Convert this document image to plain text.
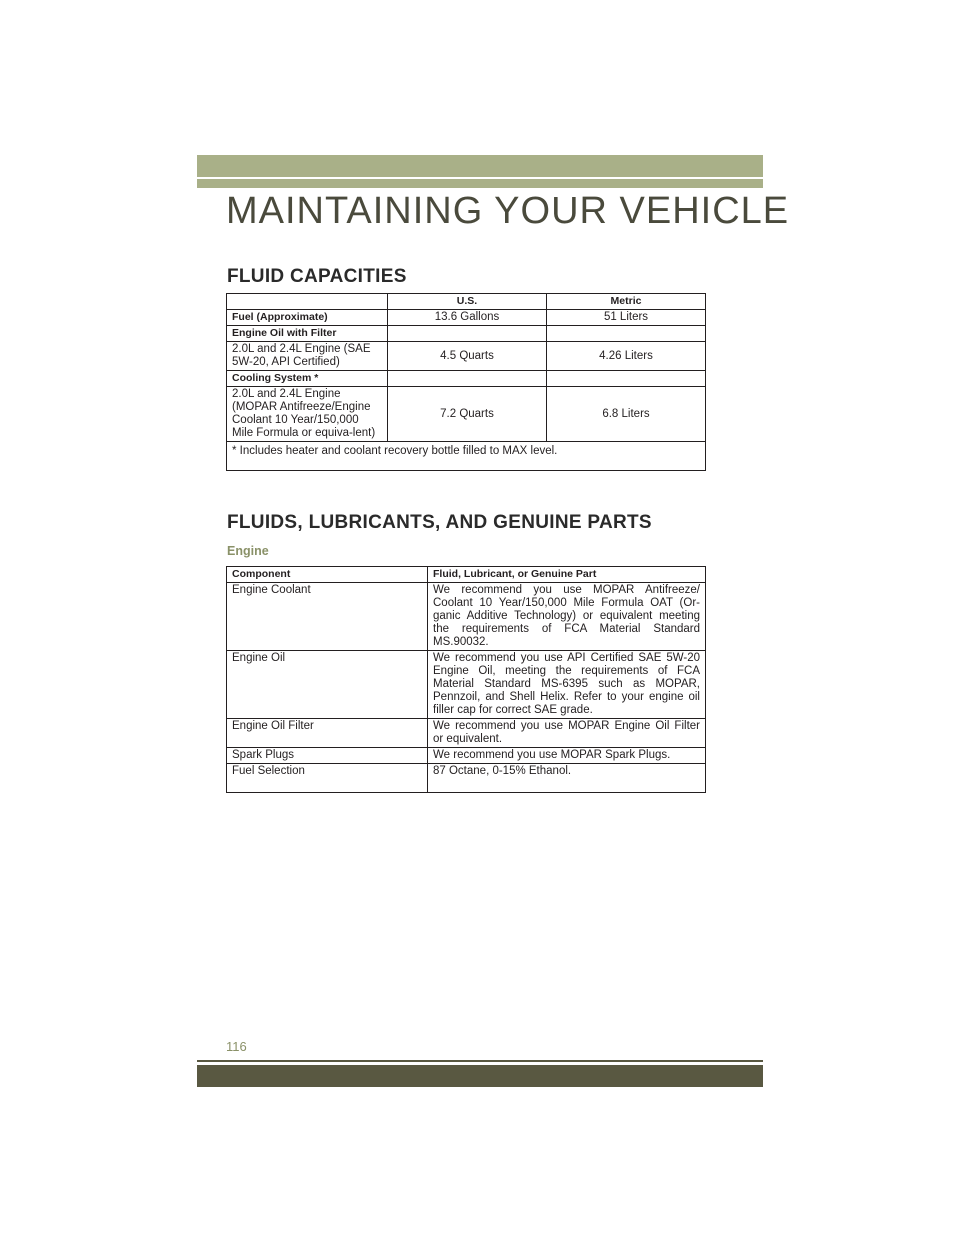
MAINTAINING YOUR VEHICLE
FLUID CAPACITIES
	U.S.	Metric
Fuel (Approximate)	13.6 Gallons	51 Liters
Engine Oil with Filter		
2.0L and 2.4L Engine (SAE 5W-20, API Certified)	4.5 Quarts	4.26 Liters
Cooling System *		
2.0L and 2.4L Engine (MOPAR Antifreeze/Engine Coolant 10 Year/150,000 Mile Formula or equiva-lent)	7.2 Quarts	6.8 Liters
* Includes heater and coolant recovery bottle filled to MAX level.		
FLUIDS, LUBRICANTS, AND GENUINE PARTS
Engine
Component	Fluid, Lubricant, or Genuine Part
Engine Coolant	We recommend you use MOPAR Antifreeze/ Coolant 10 Year/150,000 Mile Formula OAT (Or-ganic Additive Technology) or equivalent meeting the requirements of FCA Material Standard MS.90032.
Engine Oil	We recommend you use API Certified SAE 5W-20 Engine Oil, meeting the requirements of FCA Material Standard MS-6395 such as MOPAR, Pennzoil, and Shell Helix. Refer to your engine oil filler cap for correct SAE grade.
Engine Oil Filter	We recommend you use MOPAR Engine Oil Filter or equivalent.
Spark Plugs	We recommend you use MOPAR Spark Plugs.
Fuel Selection	87 Octane, 0-15% Ethanol.
116
